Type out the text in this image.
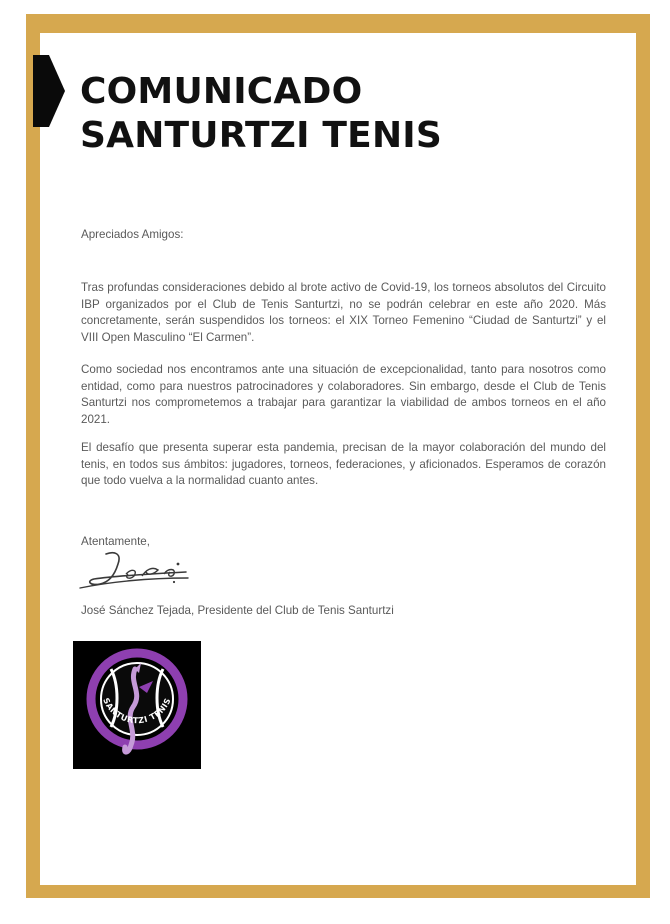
COMUNICADO
SANTURTZI TENIS

Apreciados Amigos:

Tras profundas consideraciones debido al brote activo de Covid-19, los torneos absolutos del Circuito IBP organizados por el Club de Tenis Santurtzi, no se podrán celebrar en este año 2020. Más concretamente, serán suspendidos los torneos: el XIX Torneo Femenino “Ciudad de Santurtzi” y el VIII Open Masculino “El Carmen”.

Como sociedad nos encontramos ante una situación de excepcionalidad, tanto para nosotros como entidad, como para nuestros patrocinadores y colaboradores. Sin embargo, desde el Club de Tenis Santurtzi nos comprometemos a trabajar para garantizar la viabilidad de ambos torneos en el año 2021.

El desafío que presenta superar esta pandemia, precisan de la mayor colaboración del mundo del tenis, en todos sus ámbitos: jugadores, torneos, federaciones, y aficionados. Esperamos de corazón que todo vuelva a la normalidad cuanto antes.

Atentamente,

José Sánchez Tejada, Presidente del Club de Tenis Santurtzi

SANTURTZI TENIS
